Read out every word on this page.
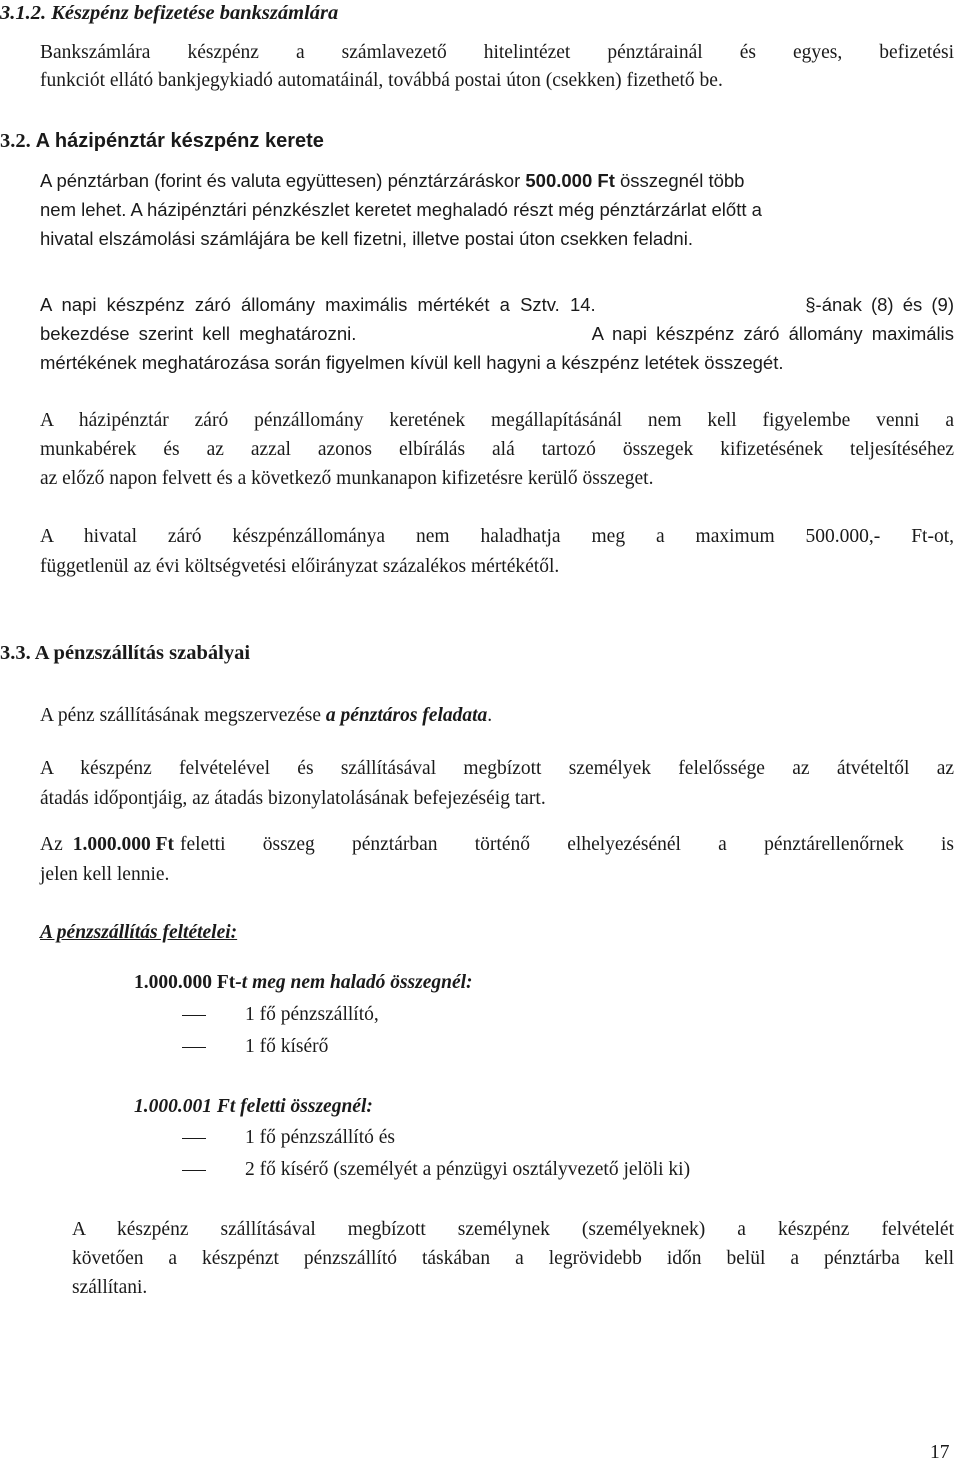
3.1.2. Készpénz befizetése bankszámlára
Bankszámlára készpénz a számlavezető hitelintézet pénztárainál és egyes, befizetési
funkciót ellátó bankjegykiadó automatáinál, továbbá postai úton (csekken) fizethető be.
3.2. A házipénztár készpénz kerete
A pénztárban (forint és valuta együttesen) pénztárzáráskor 500.000 Ft összegnél több
nem lehet. A házipénztári pénzkészlet keretet meghaladó részt még pénztárzárlat előtt a
hivatal elszámolási számlájára be kell fizetni, illetve postai úton csekken feladni.
A napi készpénz záró állomány maximális mértékét a Sztv. 14.	§-ának (8) és (9)
bekezdése szerint kell meghatározni.	A napi készpénz záró állomány maximális
mértékének meghatározása során figyelmen kívül kell hagyni a készpénz letétek összegét.
A házipénztár záró pénzállomány keretének megállapításánál nem kell figyelembe venni a
munkabérek és az azzal azonos elbírálás alá tartozó összegek kifizetésének teljesítéséhez
az előző napon felvett és a következő munkanapon kifizetésre kerülő összeget.
A hivatal záró készpénzállománya nem haladhatja meg a maximum 500.000,- Ft-ot,
függetlenül az évi költségvetési előirányzat százalékos mértékétől.
3.3. A pénzszállítás szabályai
A pénz szállításának megszervezése a pénztáros feladata.
A készpénz felvételével és szállításával megbízott személyek felelőssége az átvételtől az
átadás időpontjáig, az átadás bizonylatolásának befejezéséig tart.
Az 1.000.000 Ft feletti összeg pénztárban történő elhelyezésénél a pénztárellenőrnek is
jelen kell lennie.
A pénzszállítás feltételei:
1.000.000 Ft-t meg nem haladó összegnél:
1 fő pénzszállító,
1 fő kísérő
1.000.001 Ft feletti összegnél:
1 fő pénzszállító és
2 fő kísérő (személyét a pénzügyi osztályvezető jelöli ki)
A készpénz szállításával megbízott személynek (személyeknek) a készpénz felvételét
követően a készpénzt pénzszállító táskában a legrövidebb időn belül a pénztárba kell
szállítani.
17
